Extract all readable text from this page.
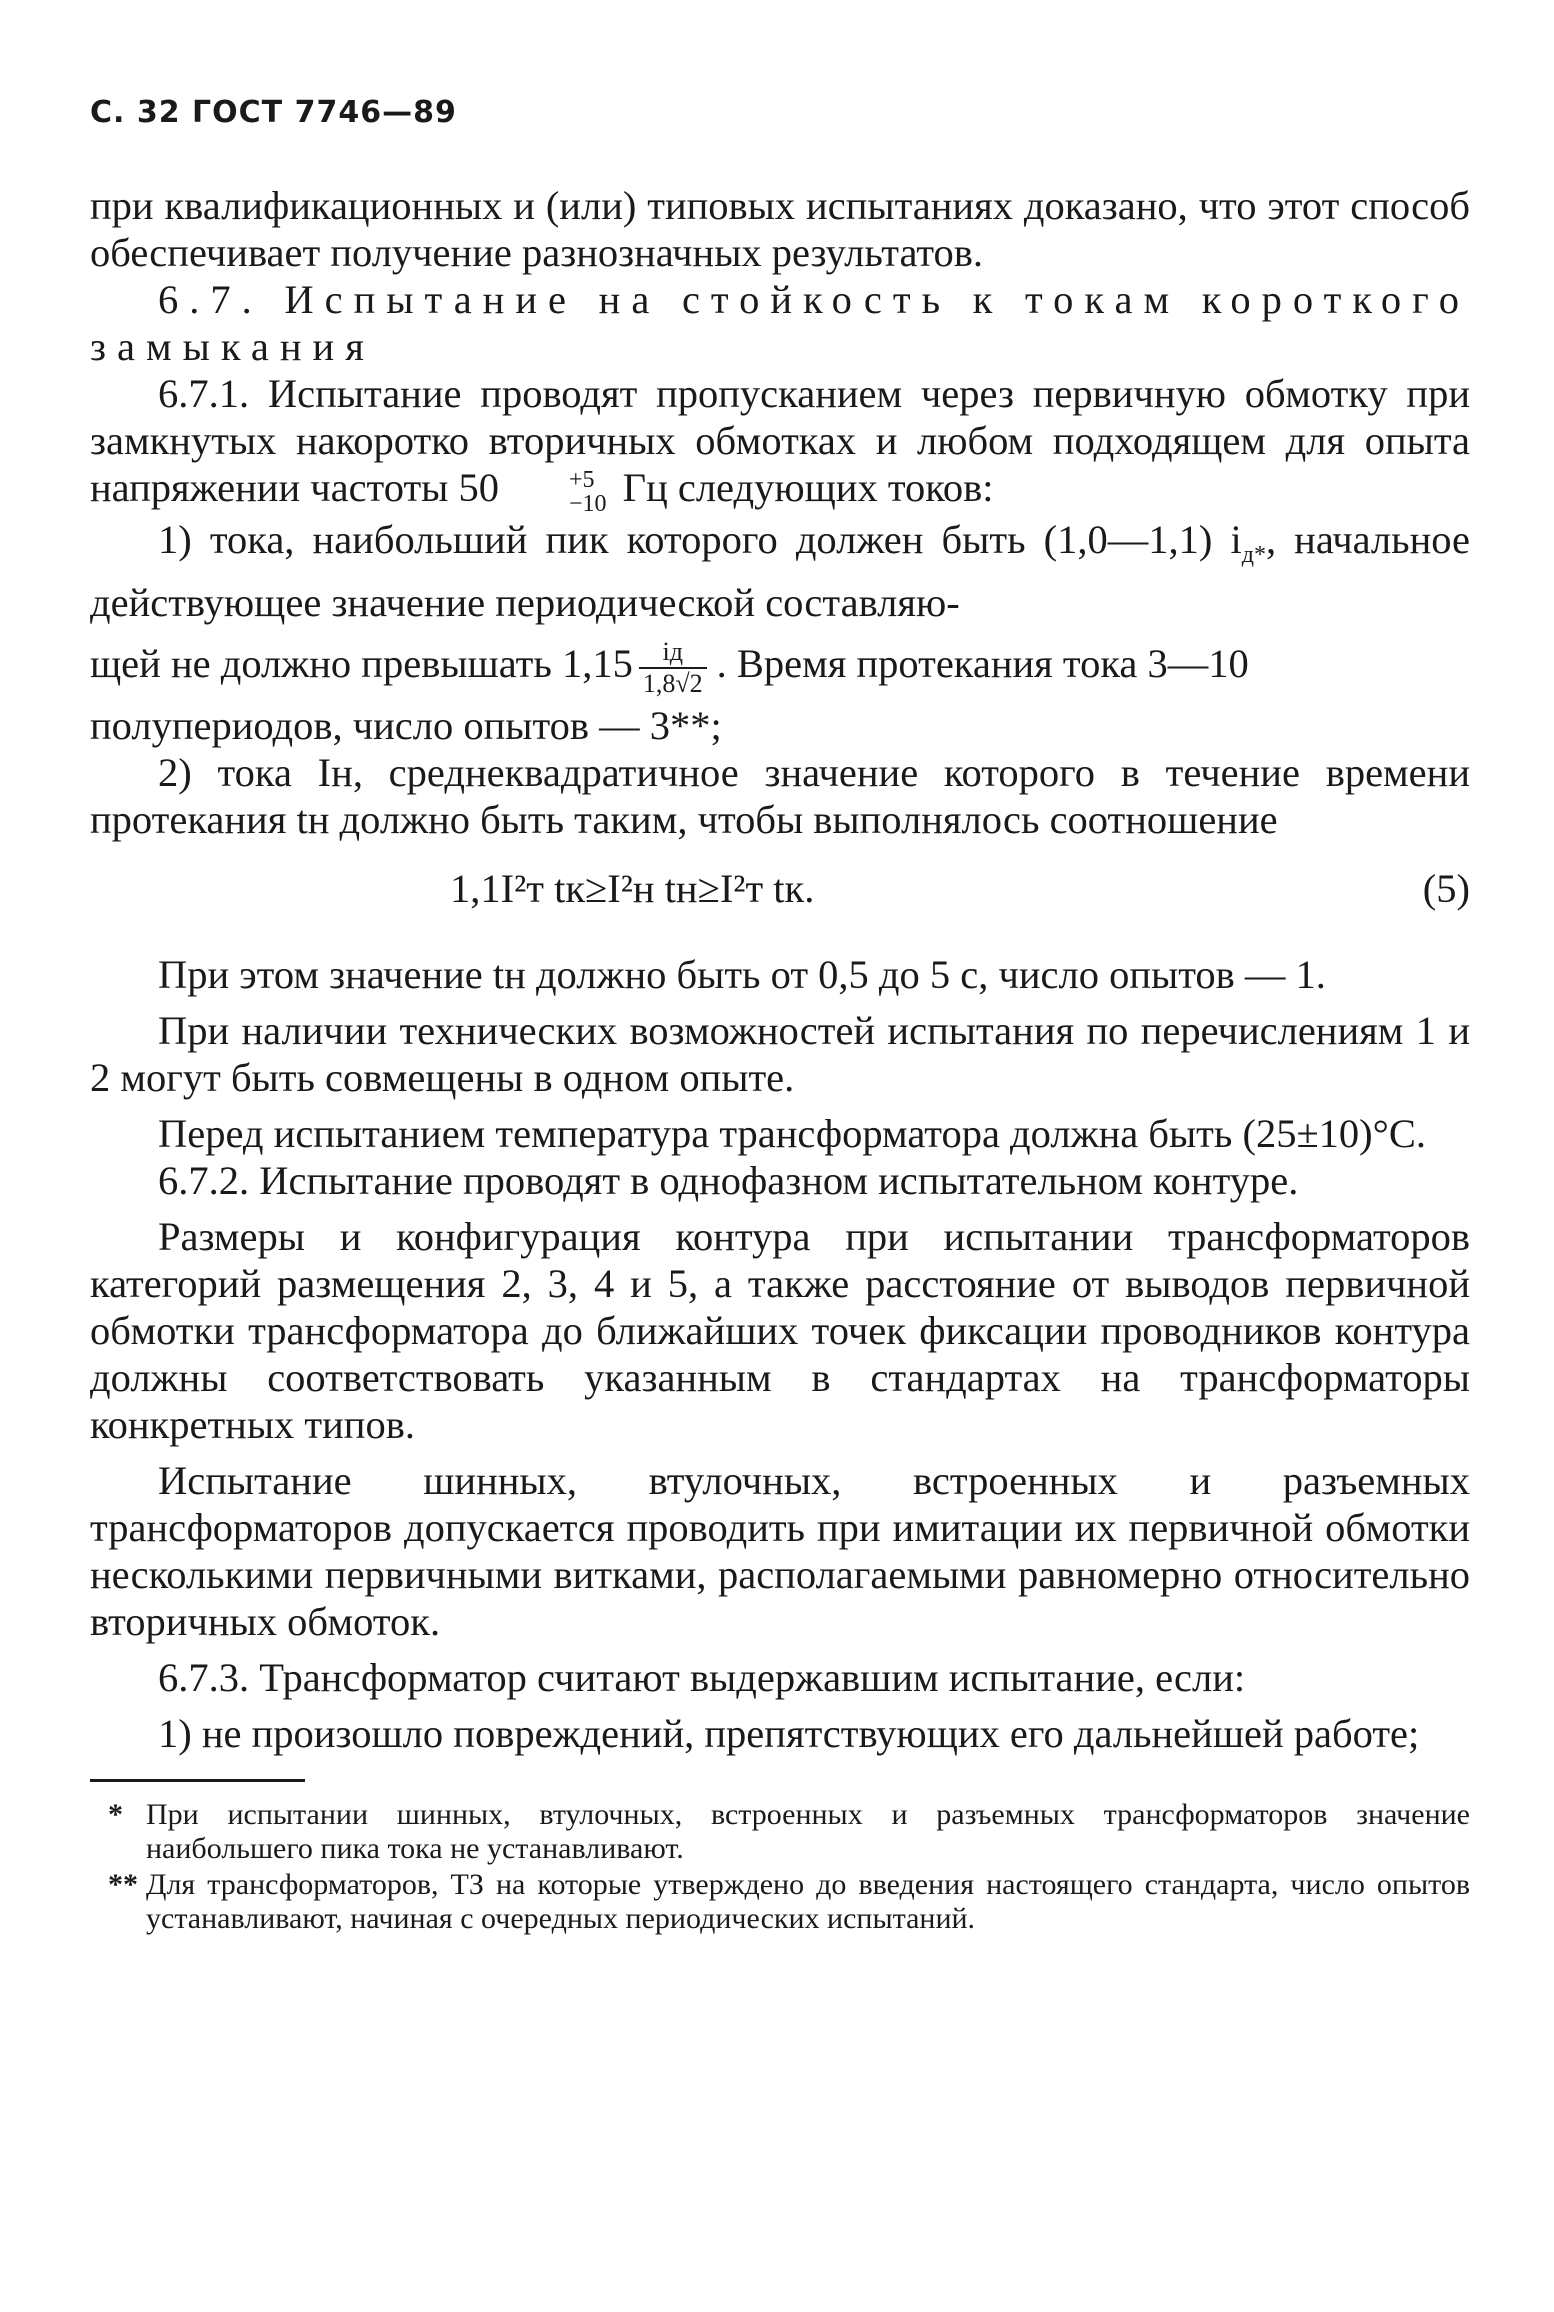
С. 32 ГОСТ 7746—89

при квалификационных и (или) типовых испытаниях доказано, что этот способ обеспечивает получение разнозначных результатов.

6.7. Испытание на стойкость к токам короткого замыкания

6.7.1. Испытание проводят пропусканием через первичную обмотку при замкнутых накоротко вторичных обмотках и любом подходящем для опыта напряжении частоты 50	+5
−10 Гц следующих токов:

1) тока, наибольший пик которого должен быть (1,0—1,1) $i_{д*}$, начальное действующее значение периодической составляю-

щей не должно превышать $1,15 \frac{iд}{1,8√2}$ . Время протекания тока 3—10

полупериодов, число опытов — 3**;

2) тока Iн, среднеквадратичное значение которого в течение времени протекания tн должно быть таким, чтобы выполнялось соотношение

1,1I²т tк≥I²н tн≥I²т tк.	(5)

При этом значение tн должно быть от 0,5 до 5 с, число опытов — 1.

При наличии технических возможностей испытания по перечислениям 1 и 2 могут быть совмещены в одном опыте.

Перед испытанием температура трансформатора должна быть (25±10)°С.

6.7.2. Испытание проводят в однофазном испытательном контуре.

Размеры и конфигурация контура при испытании трансформаторов категорий размещения 2, 3, 4 и 5, а также расстояние от выводов первичной обмотки трансформатора до ближайших точек фиксации проводников контура должны соответствовать указанным в стандартах на трансформаторы конкретных типов.

Испытание шинных, втулочных, встроенных и разъемных трансформаторов допускается проводить при имитации их первичной обмотки несколькими первичными витками, располагаемыми равномерно относительно вторичных обмоток.

6.7.3. Трансформатор считают выдержавшим испытание, если:

1) не произошло повреждений, препятствующих его дальнейшей работе;

* При испытании шинных, втулочных, встроенных и разъемных трансформаторов значение наибольшего пика тока не устанавливают.

** Для трансформаторов, ТЗ на которые утверждено до введения настоящего стандарта, число опытов устанавливают, начиная с очередных периодических испытаний.
